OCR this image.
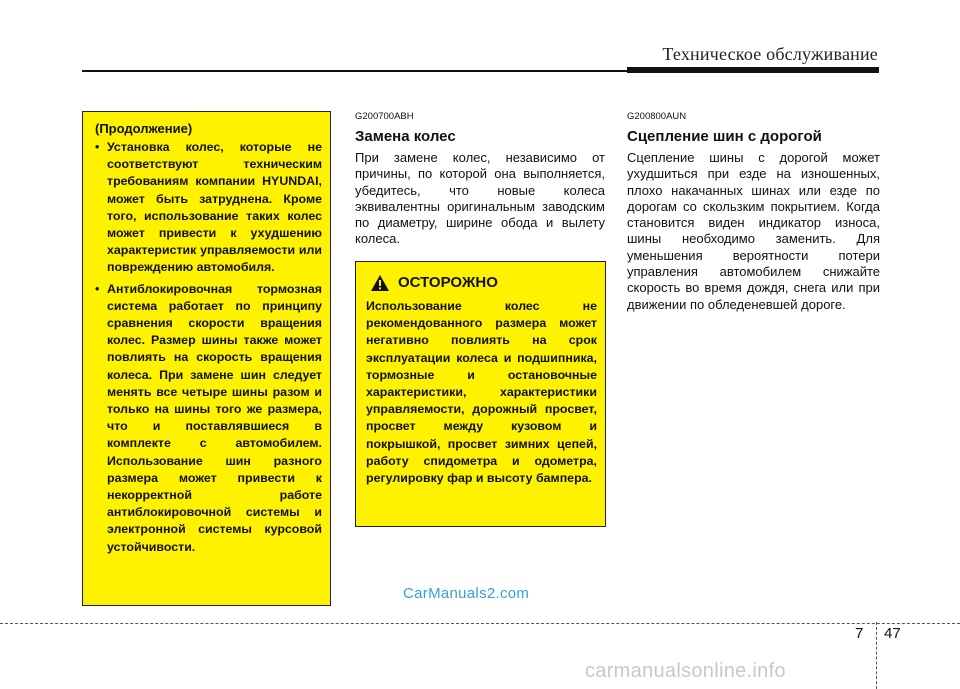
Техническое обслуживание
(Продолжение)
• Установка колес, которые не соответствуют техническим требованиям компании HYUNDAI, может быть затруднена. Кроме того, использование таких колес может привести к ухудшению характеристик управляемости или повреждению автомобиля.
• Антиблокировочная тормозная система работает по принципу сравнения скорости вращения колес. Размер шины также может повлиять на скорость вращения колеса. При замене шин следует менять все четыре шины разом и только на шины того же размера, что и поставлявшиеся в комплекте с автомобилем. Использование шин разного размера может привести к некорректной работе антиблокировочной системы и электронной системы курсовой устойчивости.
G200700ABH
Замена колес
При замене колес, независимо от причины, по которой она выполняется, убедитесь, что новые колеса эквивалентны оригинальным заводским по диаметру, ширине обода и вылету колеса.
ОСТОРОЖНО
Использование колес не рекомендованного размера может негативно повлиять на срок эксплуатации колеса и подшипника, тормозные и остановочные характеристики, характеристики управляемости, дорожный просвет, просвет между кузовом и покрышкой, просвет зимних цепей, работу спидометра и одометра, регулировку фар и высоту бампера.
G200800AUN
Сцепление шин с дорогой
Сцепление шины с дорогой может ухудшиться при езде на изношенных, плохо накачанных шинах или езде по дорогам со скользким покрытием. Когда становится виден индикатор износа, шины необходимо заменить. Для уменьшения вероятности потери управления автомобилем снижайте скорость во время дождя, снега или при движении по обледеневшей дороге.
CarManuals2.com
7 47
carmanualsonline.info
